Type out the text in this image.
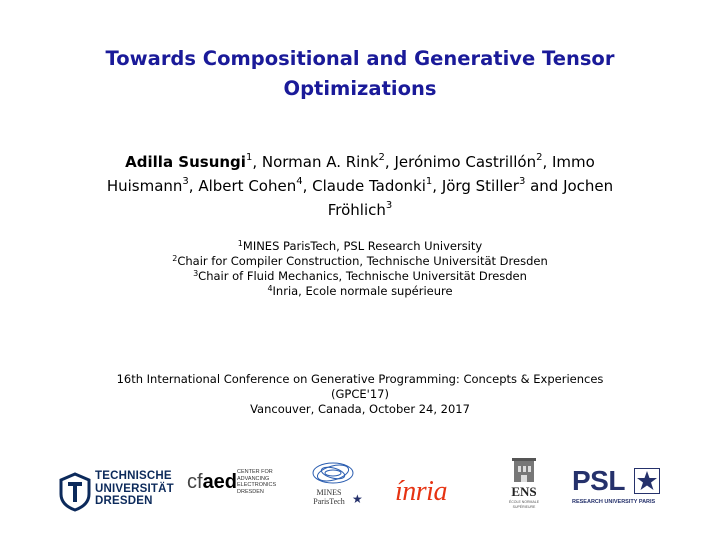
Towards Compositional and Generative Tensor
Optimizations
Adilla Susungi$^1$, Norman A. Rink$^2$, Jerónimo Castrillón$^2$, Immo
Huismann$^3$, Albert Cohen$^4$, Claude Tadonki$^1$, Jörg Stiller$^3$ and Jochen
Fröhlich$^3$
$^1$MINES ParisTech, PSL Research University
$^2$Chair for Compiler Construction, Technische Universität Dresden
$^3$Chair of Fluid Mechanics, Technische Universität Dresden
$^4$Inria, Ecole normale supérieure
16th International Conference on Generative Programming: Concepts & Experiences
(GPCE'17)
Vancouver, Canada, October 24, 2017
TECHNISCHE
UNIVERSITÄT
DRESDEN
cfaed CENTER FOR
ADVANCING
ELECTRONICS
DRESDEN	MINES
ParisTech ★ ínria	ENS
ÉCOLE NORMALE
SUPÉRIEURE
PSL
RESEARCH UNIVERSITY PARIS
